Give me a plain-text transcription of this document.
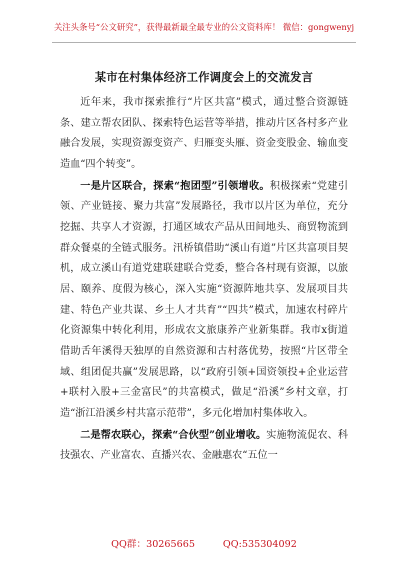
关注头条号“公文研究”，获得最新最全最专业的公文资料库！ 微信：gongwenyj
某市在村集体经济工作调度会上的交流发言

近年来，我市探索推行“片区共富”模式，通过整合资源链条、建立帮农团队、探索特色运营等举措，推动片区各村多产业融合发展，实现资源变资产、归雁变头雁、资金变股金、输血变造血“四个转变”。

一是片区联合，探索“抱团型”引领增收。积极探索“党建引领、产业链接、聚力共富”发展路径，我市以片区为单位，充分挖掘、共享人才资源，打通区域农产品从田间地头、商贸物流到群众餐桌的全链式服务。汛桥镇借助“溪山有道”片区共富项目契机，成立溪山有道党建联建联合党委，整合各村现有资源，以旅居、颐养、度假为核心，深入实施“资源阵地共享、发展项目共建、特色产业共谋、乡土人才共育”“四共”模式，加速农村碎片化资源集中转化利用，形成农文旅康养产业新集群。我市x街道借助舌年溪得天独厚的自然资源和古村落优势，按照“片区带全域、组团促共赢”发展思路，以“政府引领+国资领投+企业运营+联村入股+三金富民”的共富模式，做足“沿溪”乡村文章，打造“浙江沿溪乡村共富示范带”，多元化增加村集体收入。

二是帮农联心，探索“合伙型”创业增收。实施物流促农、科技强农、产业富农、直播兴农、金融惠农“五位一

QQ群：30265665	QQ:535304092
